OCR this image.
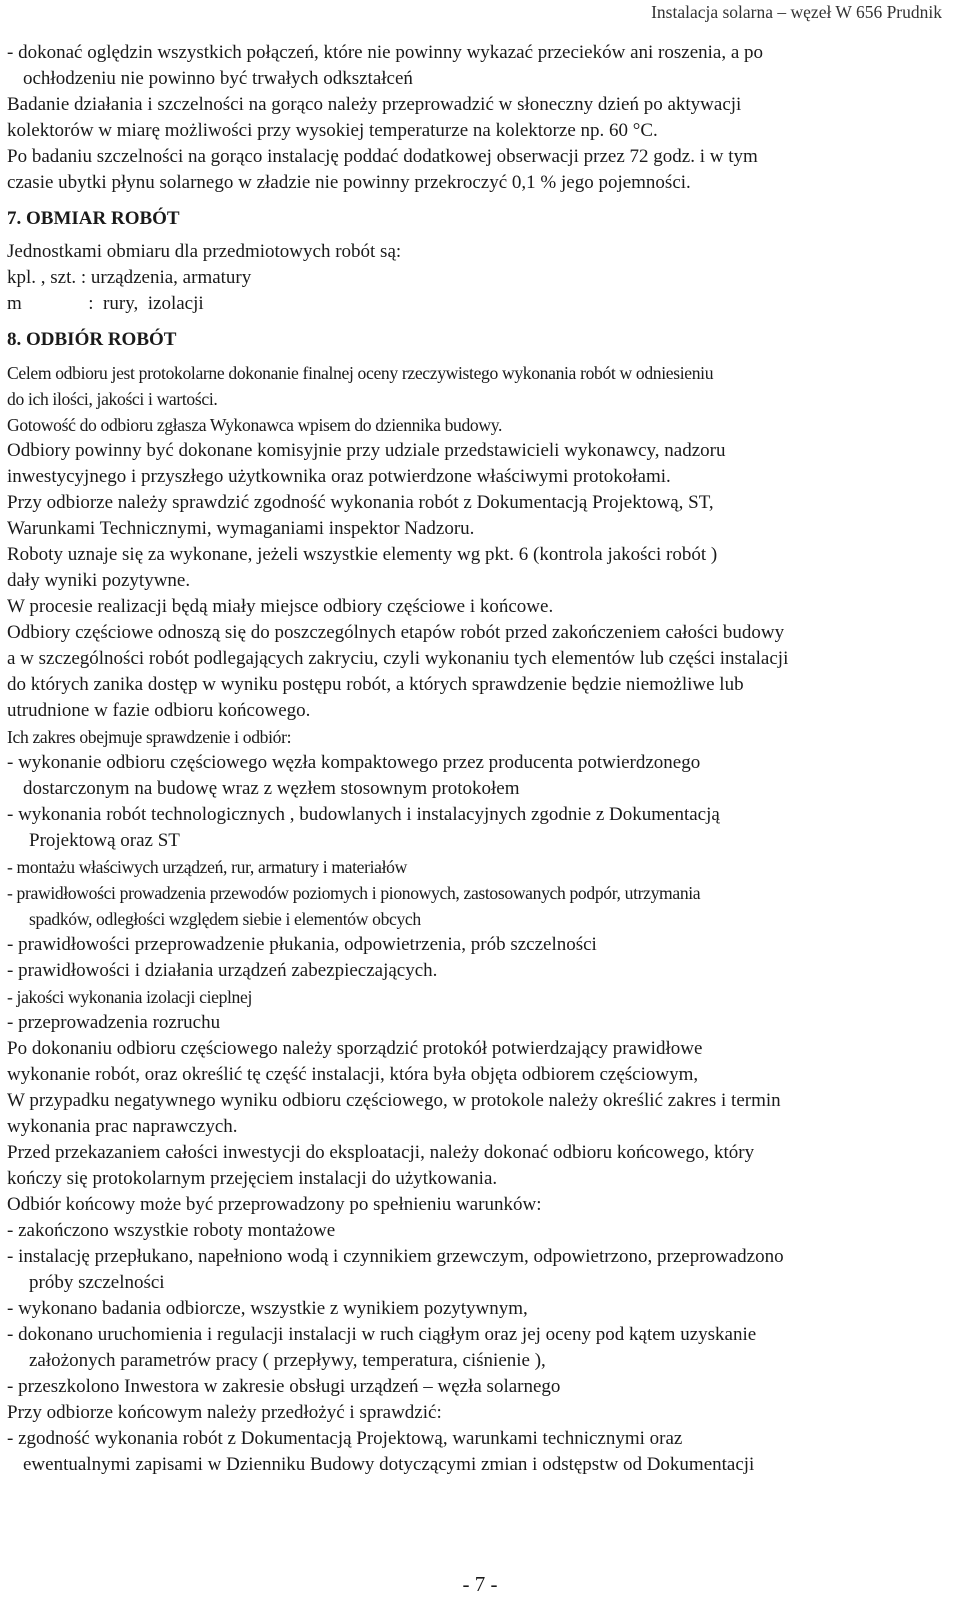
Instalacja solarna – węzeł W 656 Prudnik
- dokonać oględzin wszystkich połączeń, które nie powinny wykazać przecieków ani roszenia, a po
ochłodzeniu nie powinno być trwałych odkształceń
Badanie działania i szczelności na gorąco należy przeprowadzić w słoneczny dzień po aktywacji
kolektorów w miarę możliwości przy wysokiej temperaturze na kolektorze np. 60 °C.
Po badaniu szczelności na gorąco instalację poddać dodatkowej obserwacji przez 72 godz. i w tym
czasie ubytki płynu solarnego w zładzie nie powinny przekroczyć 0,1 % jego pojemności.
7. OBMIAR ROBÓT
Jednostkami obmiaru dla przedmiotowych robót są:
kpl. , szt. : urządzenia, armatury
m              :  rury,  izolacji
8. ODBIÓR ROBÓT
Celem odbioru jest protokolarne dokonanie finalnej oceny rzeczywistego wykonania robót w odniesieniu
do ich ilości, jakości i wartości.
Gotowość do odbioru zgłasza Wykonawca wpisem do dziennika budowy.
Odbiory powinny być dokonane komisyjnie przy udziale przedstawicieli wykonawcy, nadzoru
inwestycyjnego i przyszłego użytkownika oraz potwierdzone właściwymi protokołami.
Przy odbiorze należy sprawdzić zgodność wykonania robót z Dokumentacją Projektową, ST,
Warunkami Technicznymi, wymaganiami inspektor Nadzoru.
Roboty uznaje się za wykonane, jeżeli wszystkie elementy wg pkt. 6 (kontrola jakości robót )
dały wyniki pozytywne.
W procesie realizacji będą miały miejsce odbiory częściowe i końcowe.
Odbiory częściowe odnoszą się do poszczególnych etapów robót przed zakończeniem całości budowy
a w szczególności robót podlegających zakryciu, czyli wykonaniu tych elementów lub części instalacji
do których zanika dostęp w wyniku postępu robót, a których sprawdzenie będzie niemożliwe lub
utrudnione w fazie odbioru końcowego.
Ich zakres obejmuje sprawdzenie i odbiór:
- wykonanie odbioru częściowego węzła kompaktowego przez producenta potwierdzonego
dostarczonym na budowę wraz z węzłem stosownym protokołem
- wykonania robót technologicznych , budowlanych i instalacyjnych zgodnie z Dokumentacją
Projektową oraz ST
- montażu właściwych urządzeń, rur, armatury i materiałów
- prawidłowości prowadzenia przewodów poziomych i pionowych, zastosowanych podpór, utrzymania
spadków, odległości względem siebie i elementów obcych
- prawidłowości przeprowadzenie płukania, odpowietrzenia, prób szczelności
- prawidłowości i działania urządzeń zabezpieczających.
- jakości wykonania izolacji cieplnej
- przeprowadzenia rozruchu
Po dokonaniu odbioru częściowego należy sporządzić protokół potwierdzający prawidłowe
wykonanie robót, oraz określić tę część instalacji, która była objęta odbiorem częściowym,
W przypadku negatywnego wyniku odbioru częściowego, w protokole należy określić zakres i termin
wykonania prac naprawczych.
Przed przekazaniem całości inwestycji do eksploatacji, należy dokonać odbioru końcowego, który
kończy się protokolarnym przejęciem instalacji do użytkowania.
Odbiór końcowy może być przeprowadzony po spełnieniu warunków:
- zakończono wszystkie roboty montażowe
- instalację przepłukano, napełniono wodą i czynnikiem grzewczym, odpowietrzono, przeprowadzono
próby szczelności
- wykonano badania odbiorcze, wszystkie z wynikiem pozytywnym,
- dokonano uruchomienia i regulacji instalacji w ruch ciągłym oraz jej oceny pod kątem uzyskanie
założonych parametrów pracy ( przepływy, temperatura, ciśnienie ),
- przeszkolono Inwestora w zakresie obsługi urządzeń – węzła solarnego
Przy odbiorze końcowym należy przedłożyć i sprawdzić:
- zgodność wykonania robót z Dokumentacją Projektową, warunkami technicznymi oraz
ewentualnymi zapisami w Dzienniku Budowy dotyczącymi zmian i odstępstw od Dokumentacji
- 7 -
